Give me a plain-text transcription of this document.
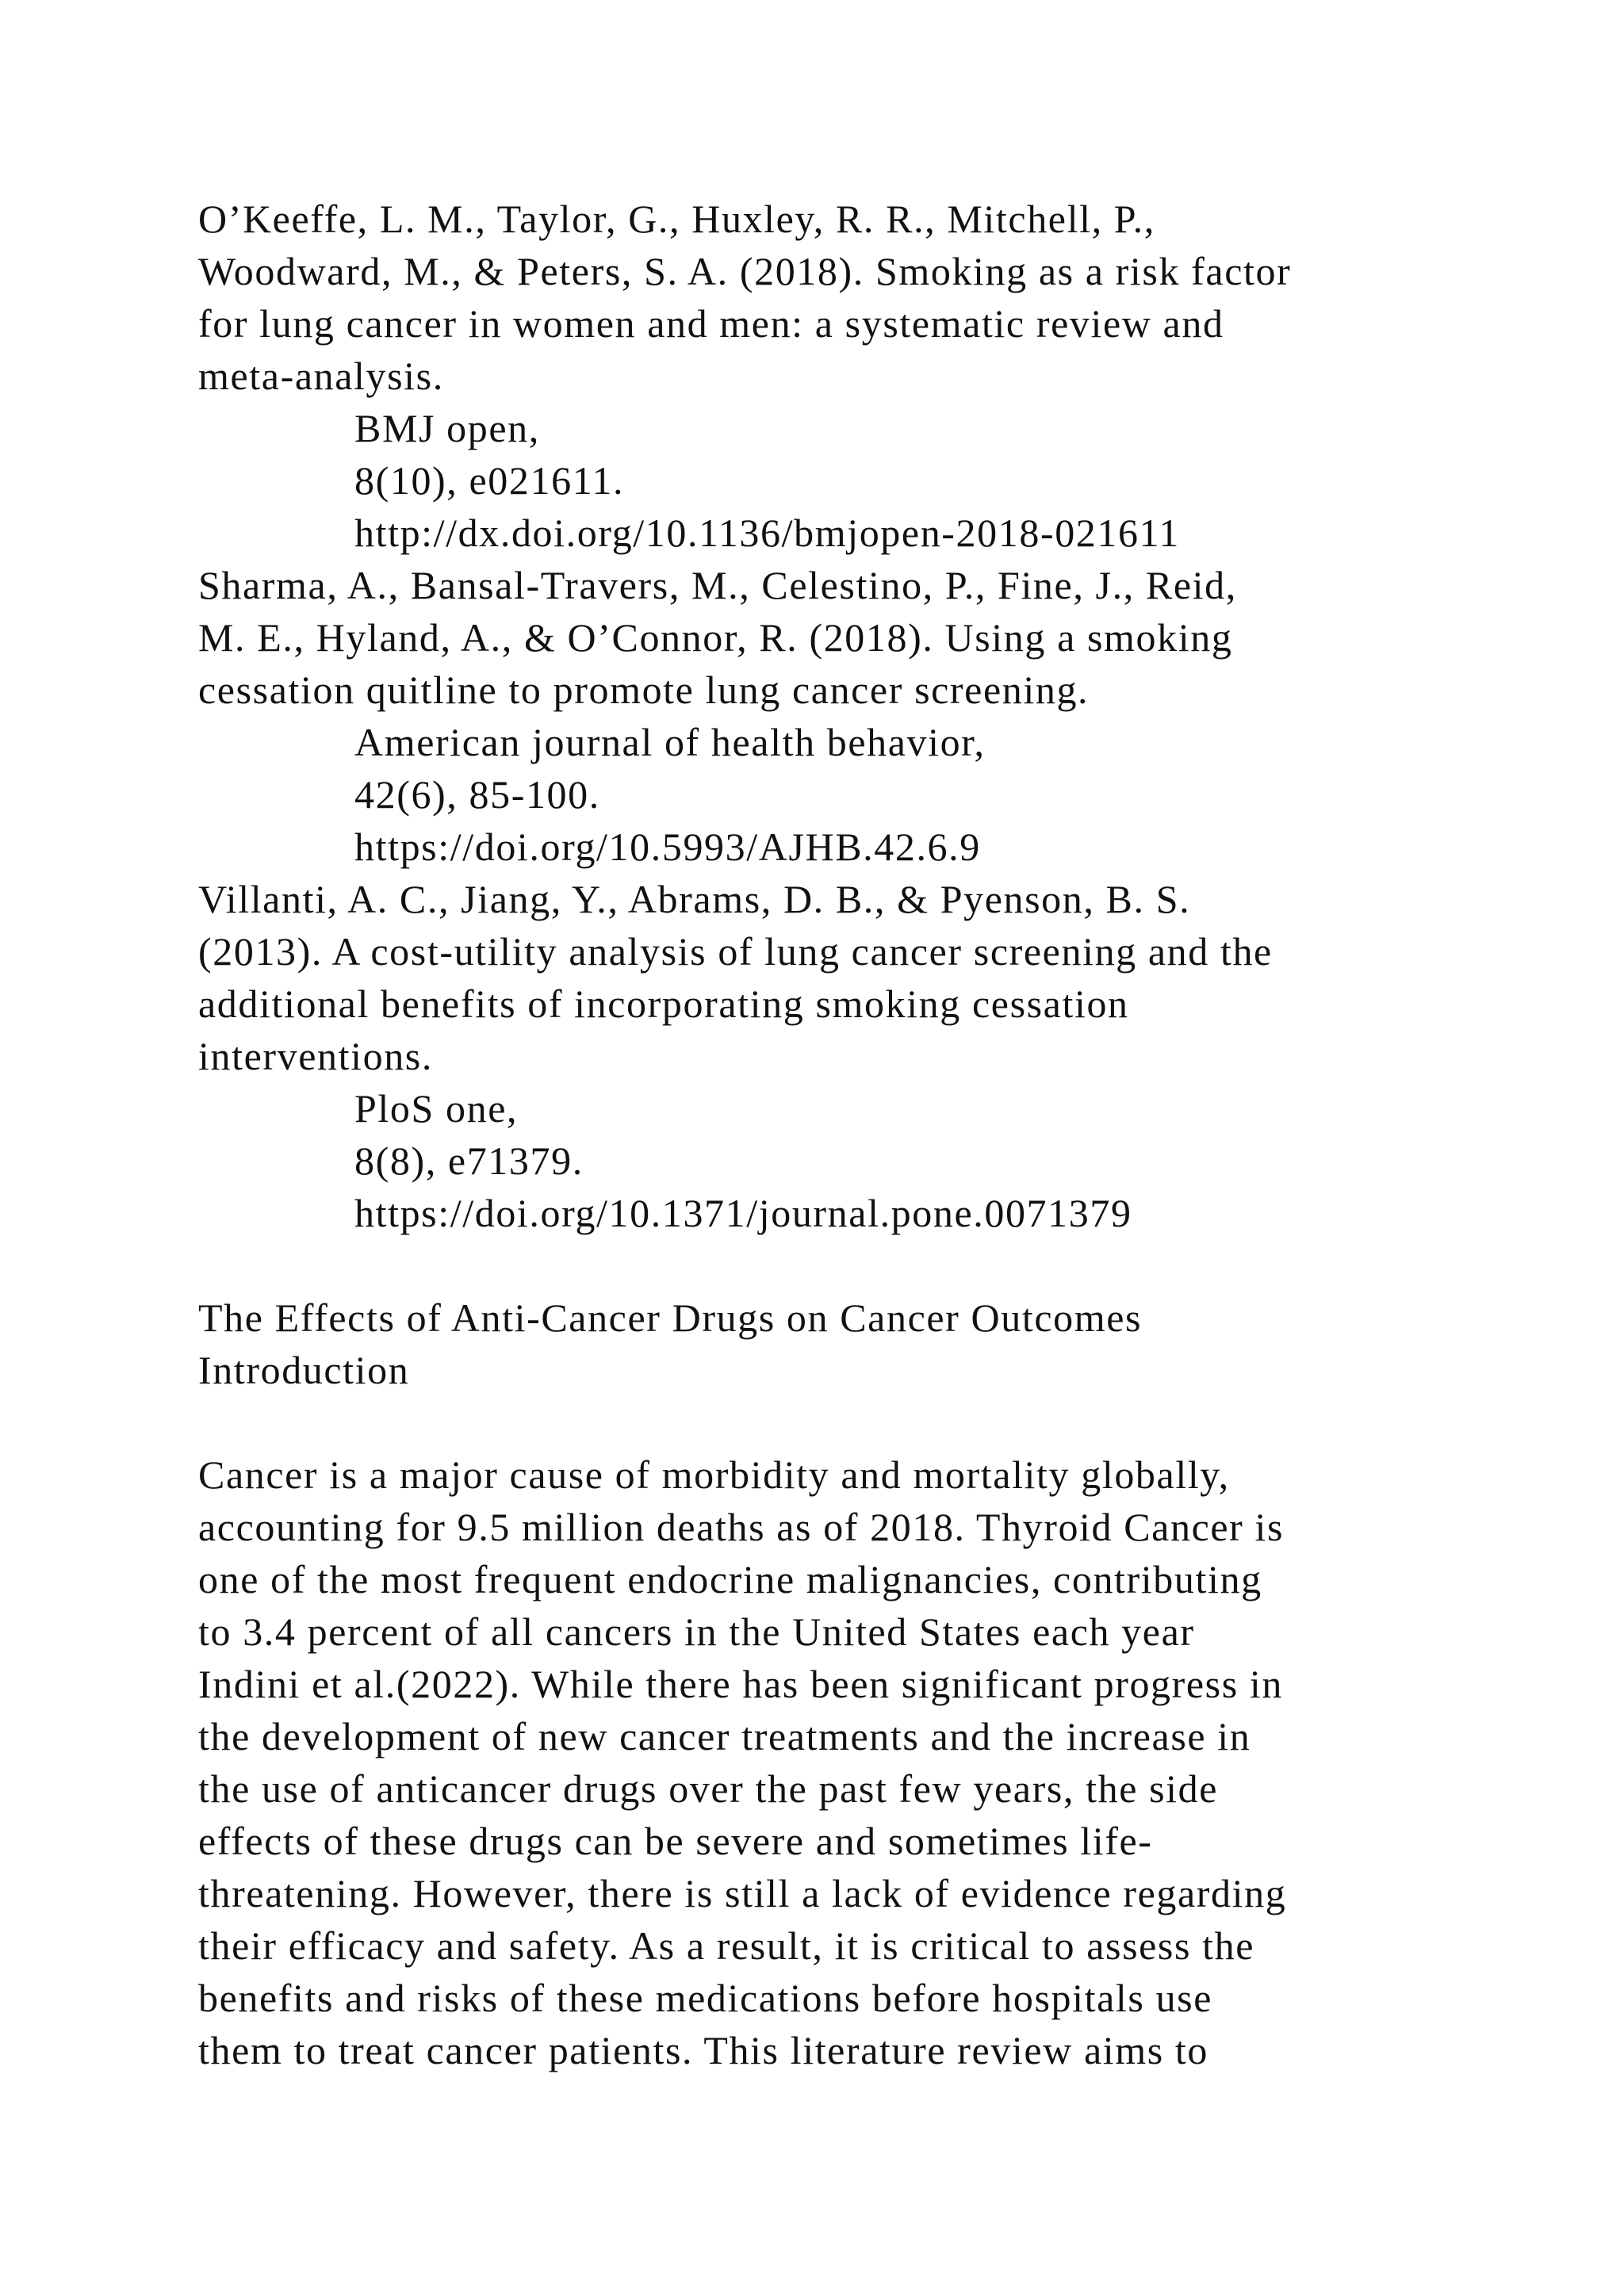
O’Keeffe, L. M., Taylor, G., Huxley, R. R., Mitchell, P.,
Woodward, M., & Peters, S. A. (2018). Smoking as a risk factor
for lung cancer in women and men: a systematic review and
meta-analysis.
BMJ open,
8(10), e021611.
http://dx.doi.org/10.1136/bmjopen-2018-021611
Sharma, A., Bansal-Travers, M., Celestino, P., Fine, J., Reid,
M. E., Hyland, A., & O’Connor, R. (2018). Using a smoking
cessation quitline to promote lung cancer screening.
American journal of health behavior,
42(6), 85-100.
https://doi.org/10.5993/AJHB.42.6.9
Villanti, A. C., Jiang, Y., Abrams, D. B., & Pyenson, B. S.
(2013). A cost-utility analysis of lung cancer screening and the
additional benefits of incorporating smoking cessation
interventions.
PloS one,
8(8), e71379.
https://doi.org/10.1371/journal.pone.0071379
The Effects of Anti-Cancer Drugs on Cancer Outcomes
Introduction
Cancer is a major cause of morbidity and mortality globally,
accounting for 9.5 million deaths as of 2018. Thyroid Cancer is
one of the most frequent endocrine malignancies, contributing
to 3.4 percent of all cancers in the United States each year
Indini et al.(2022). While there has been significant progress in
the development of new cancer treatments and the increase in
the use of anticancer drugs over the past few years, the side
effects of these drugs can be severe and sometimes life-
threatening. However, there is still a lack of evidence regarding
their efficacy and safety. As a result, it is critical to assess the
benefits and risks of these medications before hospitals use
them to treat cancer patients. This literature review aims to
